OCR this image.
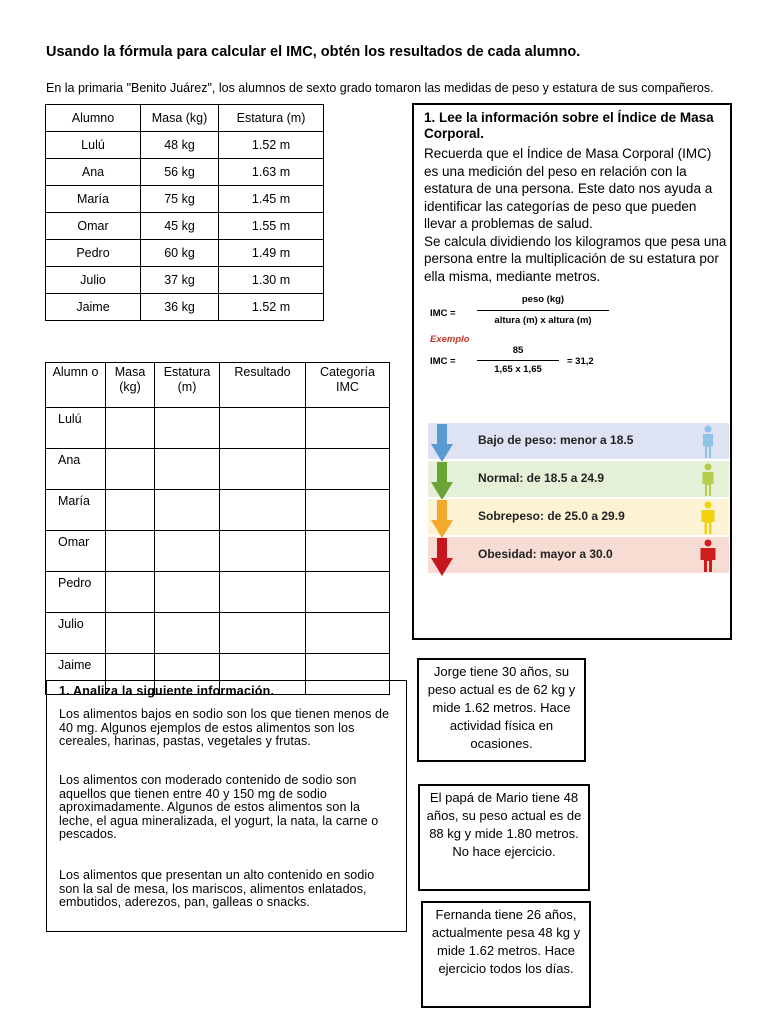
Usando la fórmula para calcular el IMC, obtén los resultados de cada alumno.
En la primaria "Benito Juárez", los alumnos de sexto grado tomaron las medidas de peso y estatura de sus compañeros.
Alumno	Masa (kg)	Estatura (m)
Lulú	48 kg	1.52 m
Ana	56 kg	1.63 m
María	75 kg	1.45 m
Omar	45 kg	1.55 m
Pedro	60 kg	1.49 m
Julio	37 kg	1.30 m
Jaime	36 kg	1.52 m
Alumn o	Masa (kg)	Estatura (m)	Resultado	Categoría IMC
Lulú				
Ana				
María				
Omar				
Pedro				
Julio				
Jaime				
1. Lee la información sobre el Índice de Masa Corporal.
Recuerda que el Índice de Masa Corporal (IMC) es una medición del peso en relación con la estatura de una persona. Este dato nos ayuda a identificar las categorías de peso que pueden llevar a problemas de salud.
Se calcula dividiendo los kilogramos que pesa una persona entre la multiplicación de su estatura por ella misma, mediante metros.
IMC =
peso (kg)
altura (m) x altura (m)
Exemplo
IMC =
85
1,65 x 1,65
= 31,2
Bajo de peso: menor a 18.5
Normal: de 18.5 a 24.9
Sobrepeso: de 25.0 a 29.9
Obesidad: mayor a 30.0
1. Analiza la siguiente información.
Los alimentos bajos en sodio son los que tienen menos de 40 mg. Algunos ejemplos de estos alimentos son los cereales, harinas, pastas, vegetales y frutas.
Los alimentos con moderado contenido de sodio son aquellos que tienen entre 40 y 150 mg de sodio aproximadamente. Algunos de estos alimentos son la leche, el agua mineralizada, el yogurt, la nata, la carne o pescados.
Los alimentos que presentan un alto contenido en sodio son la sal de mesa, los mariscos, alimentos enlatados, embutidos, aderezos, pan, galleas o snacks.
Jorge tiene 30 años, su peso actual es de 62 kg y mide 1.62 metros. Hace actividad física en ocasiones.
El papá de Mario tiene 48 años, su peso actual es de 88 kg y mide 1.80 metros. No hace ejercicio.
Fernanda tiene 26 años, actualmente pesa 48 kg y mide 1.62 metros. Hace ejercicio todos los días.
